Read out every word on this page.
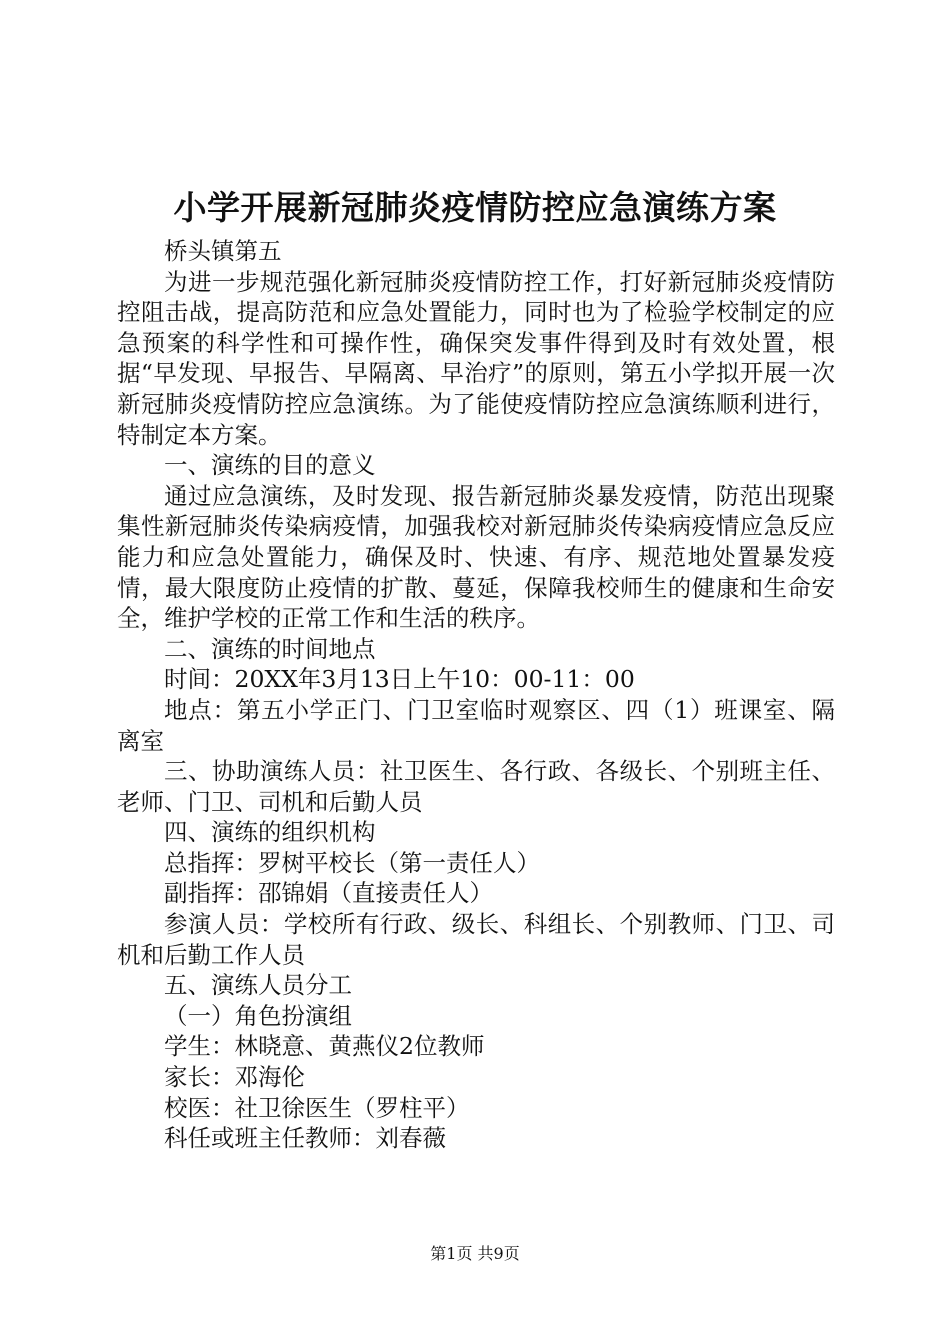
小学开展新冠肺炎疫情防控应急演练方案

桥头镇第五

为进一步规范强化新冠肺炎疫情防控工作，打好新冠肺炎疫情防控阻击战，提高防范和应急处置能力，同时也为了检验学校制定的应急预案的科学性和可操作性，确保突发事件得到及时有效处置，根据“早发现、早报告、早隔离、早治疗”的原则，第五小学拟开展一次新冠肺炎疫情防控应急演练。为了能使疫情防控应急演练顺利进行，特制定本方案。

一、演练的目的意义

通过应急演练，及时发现、报告新冠肺炎暴发疫情，防范出现聚集性新冠肺炎传染病疫情，加强我校对新冠肺炎传染病疫情应急反应能力和应急处置能力，确保及时、快速、有序、规范地处置暴发疫情，最大限度防止疫情的扩散、蔓延，保障我校师生的健康和生命安全，维护学校的正常工作和生活的秩序。

二、演练的时间地点

时间：20XX年3月13日上午10：00-11：00

地点：第五小学正门、门卫室临时观察区、四（1）班课室、隔离室

三、协助演练人员：社卫医生、各行政、各级长、个别班主任、老师、门卫、司机和后勤人员

四、演练的组织机构

总指挥：罗树平校长（第一责任人）

副指挥：邵锦娟（直接责任人）

参演人员：学校所有行政、级长、科组长、个别教师、门卫、司机和后勤工作人员

五、演练人员分工

（一）角色扮演组

学生：林晓意、黄燕仪2位教师

家长：邓海伦

校医：社卫徐医生（罗柱平）

科任或班主任教师：刘春薇

第1页 共9页
